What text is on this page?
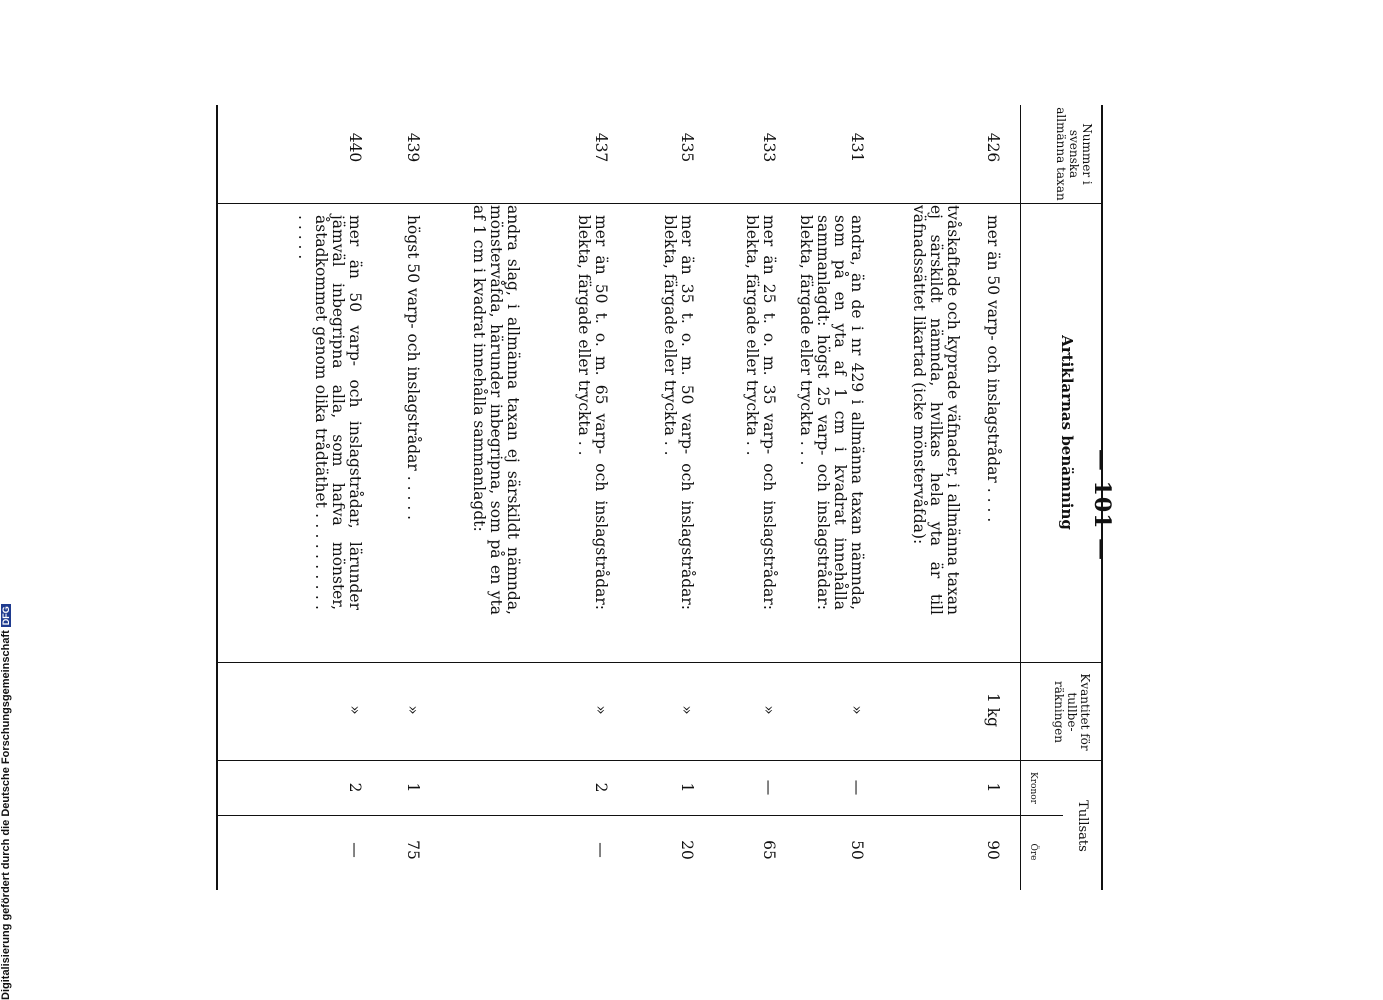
— 101 —
Nummer i svenska allmänna taxan
Artiklarnas benämning
Kvantitet för tullbe-räkningen
Tullsats
Kronor
Öre
426
mer än 50 varp- och inslagstrådar . . . .
1 kg
1
90
tvåskaftade och kyprade väfnader, i allmänna taxan ej särskildt nämnda, hvilkas hela yta är till väfnadssättet likartad (icke mönstervåfda):
431
andra, än de i nr 429 i allmänna taxan nämnda, som på en yta af 1 cm i kvadrat innehålla sammanlagdt: högst 25 varp- och inslagstrådar: blekta, färgade eller tryckta . . .
»
—
50
433
mer än 25 t. o. m. 35 varp- och inslagstrådar: blekta, färgade eller tryckta . .
»
—
65
435
mer än 35 t. o. m. 50 varp- och inslagstrådar: blekta, färgade eller tryckta . .
»
1
20
437
mer än 50 t. o. m. 65 varp- och inslagstrådar: blekta, färgade eller tryckta . .
»
2
—
andra slag, i allmänna taxan ej särskildt nämnda, mönstervåfda, härunder inbegripna, som på en yta af 1 cm i kvadrat innehålla sammanlagdt:
439
högst 50 varp- och inslagstrådar . . . . .
»
1
75
440
mer än 50 varp- och inslagstrådar, lärunder jämväl inbegripna alla, som hafva mönster, åstadkommet genom olika trådtäthet . . . . . . . . . . . . . . .
»
2
—
Digitalisierung gefördert durch die Deutsche ForschungsgemeinschaftDFG
